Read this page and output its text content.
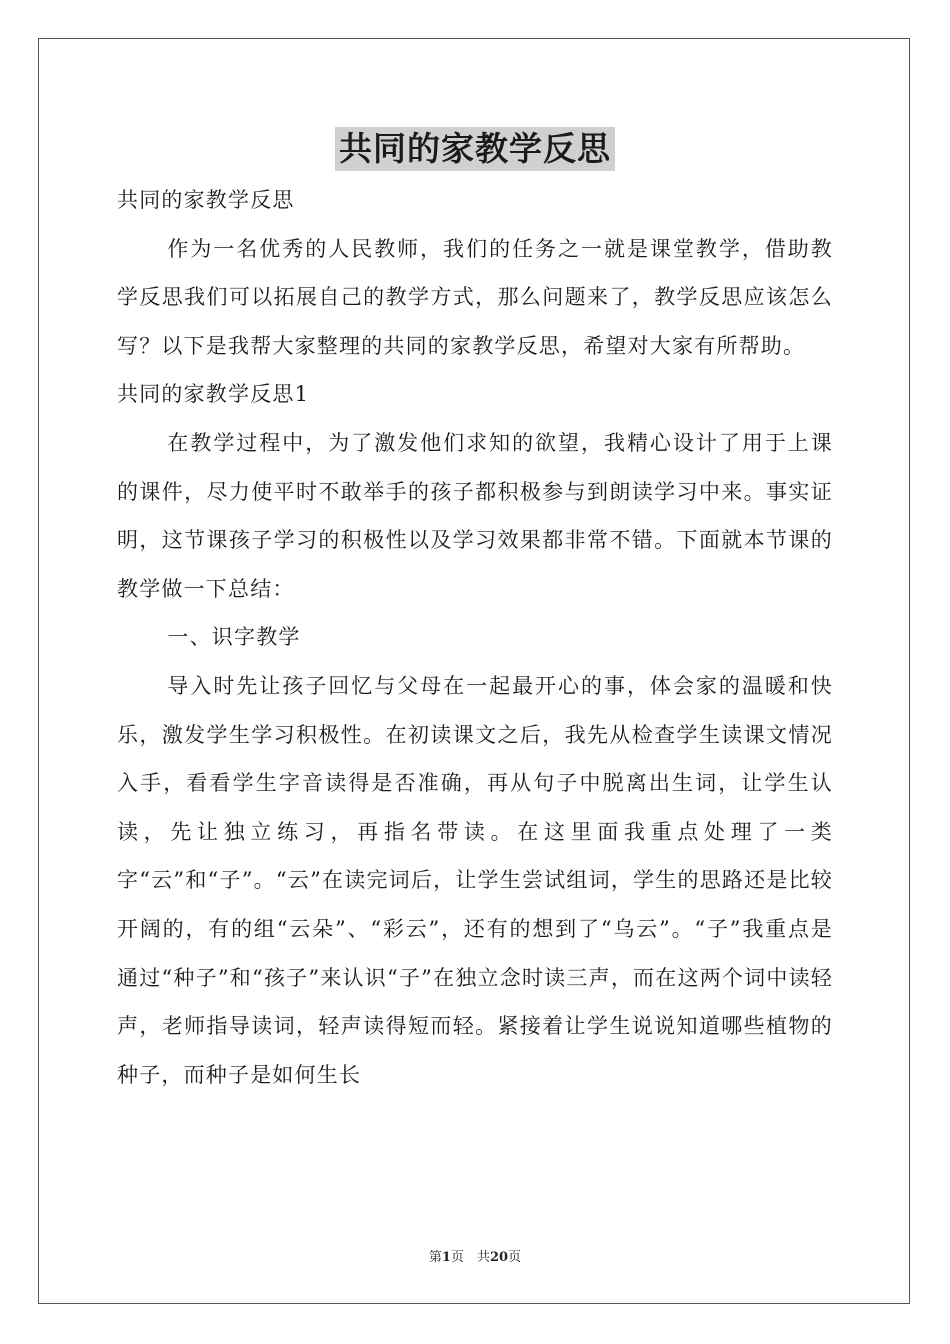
共同的家教学反思

共同的家教学反思

作为一名优秀的人民教师，我们的任务之一就是课堂教学，借助教学反思我们可以拓展自己的教学方式，那么问题来了，教学反思应该怎么写？以下是我帮大家整理的共同的家教学反思，希望对大家有所帮助。

共同的家教学反思1

在教学过程中，为了激发他们求知的欲望，我精心设计了用于上课的课件，尽力使平时不敢举手的孩子都积极参与到朗读学习中来。事实证明，这节课孩子学习的积极性以及学习效果都非常不错。下面就本节课的教学做一下总结：

一、识字教学

导入时先让孩子回忆与父母在一起最开心的事，体会家的温暖和快乐，激发学生学习积极性。在初读课文之后，我先从检查学生读课文情况入手，看看学生字音读得是否准确，再从句子中脱离出生词，让学生认读，先让独立练习，再指名带读。在这里面我重点处理了一类字“云”和“子”。“云”在读完词后，让学生尝试组词，学生的思路还是比较开阔的，有的组“云朵”、“彩云”，还有的想到了“乌云”。“子”我重点是通过“种子”和“孩子”来认识“子”在独立念时读三声，而在这两个词中读轻声，老师指导读词，轻声读得短而轻。紧接着让学生说说知道哪些植物的种子，而种子是如何生长

第1页　共20页
